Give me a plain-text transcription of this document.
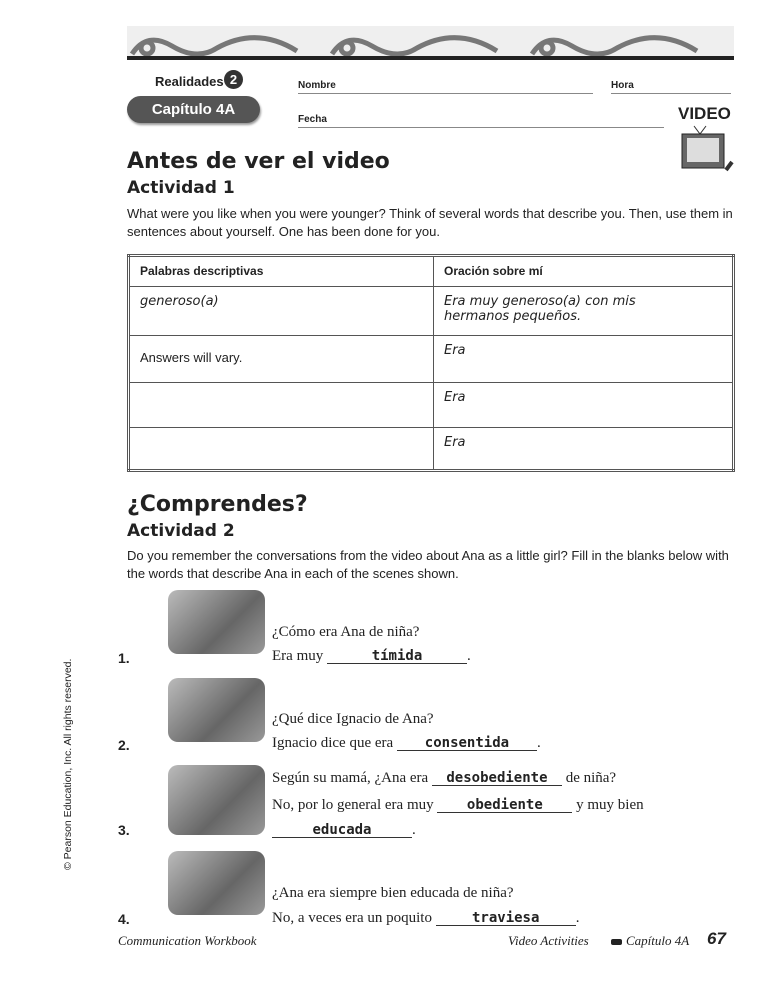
Realidades 2
Capítulo 4A
Nombre	Hora
Fecha	VIDEO
Antes de ver el video
Actividad 1
What were you like when you were younger? Think of several words that describe you. Then, use them in sentences about yourself. One has been done for you.
Palabras descriptivas	Oración sobre mí
generoso(a)	Era muy generoso(a) con mis hermanos pequeños.
Answers will vary.	Era
	Era
	Era
¿Comprendes?
Actividad 2
Do you remember the conversations from the video about Ana as a little girl? Fill in the blanks below with the words that describe Ana in each of the scenes shown.
© Pearson Education, Inc. All rights reserved.
1.
¿Cómo era Ana de niña?
Era muy	tímida	.
2.
¿Qué dice Ignacio de Ana?
Ignacio dice que era consentida .
3.
Según su mamá, ¿Ana era desobediente de niña?
No, por lo general era muy obediente y muy bien
educada	.
4.
¿Ana era siempre bien educada de niña?
No, a veces era un poquito	traviesa .
Communication Workbook	Video Activities	Capítulo 4A 67
